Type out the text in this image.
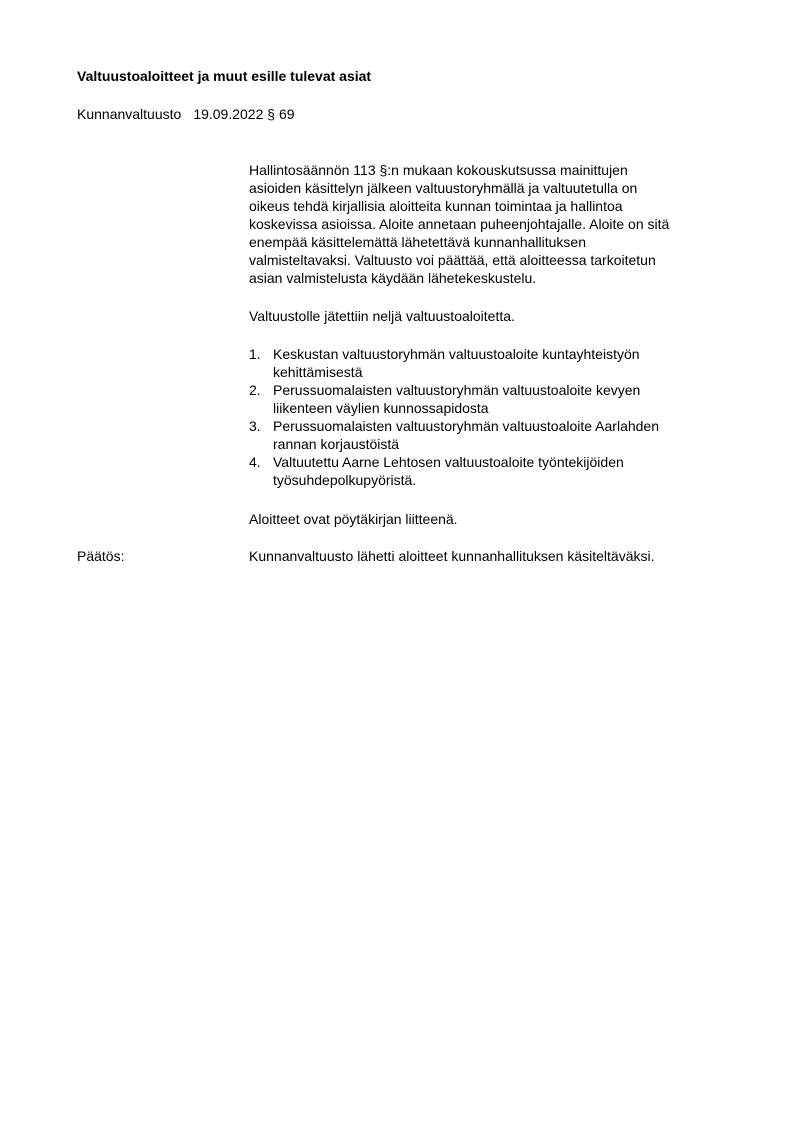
Valtuustoaloitteet ja muut esille tulevat asiat
Kunnanvaltuusto 19.09.2022 § 69
Hallintosäännön 113 §:n mukaan kokouskutsussa mainittujen
asioiden käsittelyn jälkeen valtuustoryhmällä ja valtuutetulla on
oikeus tehdä kirjallisia aloitteita kunnan toimintaa ja hallintoa
koskevissa asioissa. Aloite annetaan puheenjohtajalle. Aloite on sitä
enempää käsittelemättä lähetettävä kunnanhallituksen
valmisteltavaksi. Valtuusto voi päättää, että aloitteessa tarkoitetun
asian valmistelusta käydään lähetekeskustelu.
Valtuustolle jätettiin neljä valtuustoaloitetta.
1. Keskustan valtuustoryhmän valtuustoaloite kuntayhteistyön
kehittämisestä
2. Perussuomalaisten valtuustoryhmän valtuustoaloite kevyen
liikenteen väylien kunnossapidosta
3. Perussuomalaisten valtuustoryhmän valtuustoaloite Aarlahden
rannan korjaustöistä
4. Valtuutettu Aarne Lehtosen valtuustoaloite työntekijöiden
työsuhdepolkupyöristä.
Aloitteet ovat pöytäkirjan liitteenä.
Päätös:	Kunnanvaltuusto lähetti aloitteet kunnanhallituksen käsiteltäväksi.
